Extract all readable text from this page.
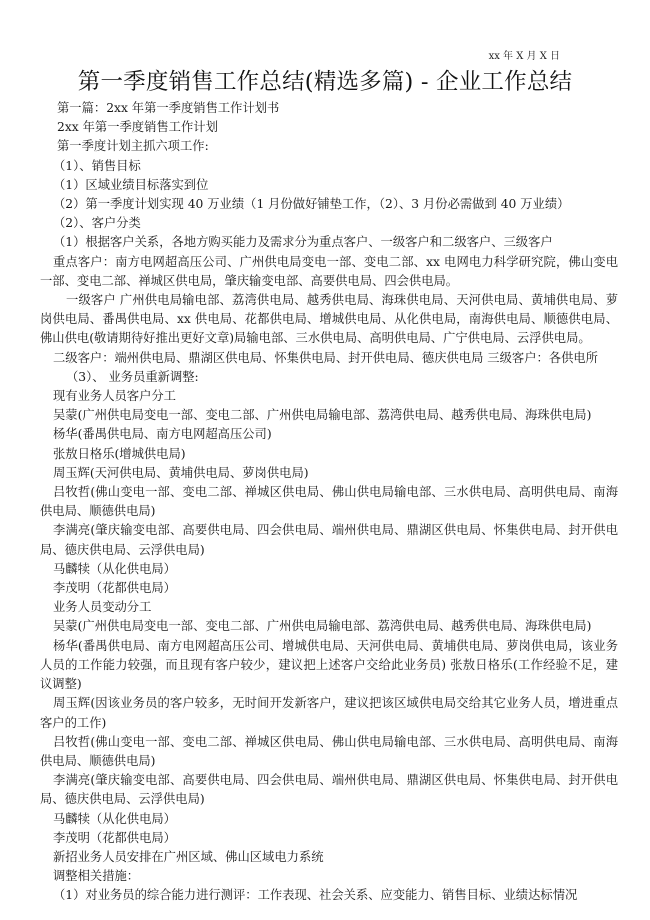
xx 年 X 月 X 日
第一季度销售工作总结(精选多篇) - 企业工作总结

第一篇：2xx 年第一季度销售工作计划书

2xx 年第一季度销售工作计划

第一季度计划主抓六项工作:

（1）、销售目标

（1）区域业绩目标落实到位

（2）第一季度计划实现 40 万业绩（1 月份做好铺垫工作，（2）、3 月份必需做到 40 万业绩）

（2）、客户分类

（1）根据客户关系，各地方购买能力及需求分为重点客户、一级客户和二级客户、三级客户

重点客户：南方电网超高压公司、广州供电局变电一部、变电二部、xx 电网电力科学研究院，佛山变电一部、变电二部、禅城区供电局，肇庆输变电部、高要供电局、四会供电局。

一级客户 广州供电局输电部、荔湾供电局、越秀供电局、海珠供电局、天河供电局、黄埔供电局、萝岗供电局、番禺供电局、xx 供电局、花都供电局、增城供电局、从化供电局，南海供电局、顺德供电局、佛山供电(敬请期待好推出更好文章)局输电部、三水供电局、高明供电局、广宁供电局、云浮供电局。

二级客户：端州供电局、鼎湖区供电局、怀集供电局、封开供电局、德庆供电局 三级客户：各供电所

（3）、 业务员重新调整:

现有业务人员客户分工

吴蒙(广州供电局变电一部、变电二部、广州供电局输电部、荔湾供电局、越秀供电局、海珠供电局)

杨华(番禺供电局、南方电网超高压公司)

张敖日格乐(增城供电局)

周玉辉(天河供电局、黄埔供电局、萝岗供电局)

吕牧哲(佛山变电一部、变电二部、禅城区供电局、佛山供电局输电部、三水供电局、高明供电局、南海供电局、顺德供电局)

李满亮(肇庆输变电部、高要供电局、四会供电局、端州供电局、鼎湖区供电局、怀集供电局、封开供电局、德庆供电局、云浮供电局)

马麟犊（从化供电局）

李茂明（花都供电局）

业务人员变动分工

吴蒙(广州供电局变电一部、变电二部、广州供电局输电部、荔湾供电局、越秀供电局、海珠供电局)

杨华(番禺供电局、南方电网超高压公司、增城供电局、天河供电局、黄埔供电局、萝岗供电局，该业务人员的工作能力较强，而且现有客户较少，建议把上述客户交给此业务员) 张敖日格乐(工作经验不足，建议调整)

周玉辉(因该业务员的客户较多，无时间开发新客户，建议把该区域供电局交给其它业务人员，增进重点客户的工作)

吕牧哲(佛山变电一部、变电二部、禅城区供电局、佛山供电局输电部、三水供电局、高明供电局、南海供电局、顺德供电局)

李满亮(肇庆输变电部、高要供电局、四会供电局、端州供电局、鼎湖区供电局、怀集供电局、封开供电局、德庆供电局、云浮供电局)

马麟犊（从化供电局）

李茂明（花都供电局）

新招业务人员安排在广州区域、佛山区域电力系统

调整相关措施：

（1）对业务员的综合能力进行测评：工作表现、社会关系、应变能力、销售目标、业绩达标情况
